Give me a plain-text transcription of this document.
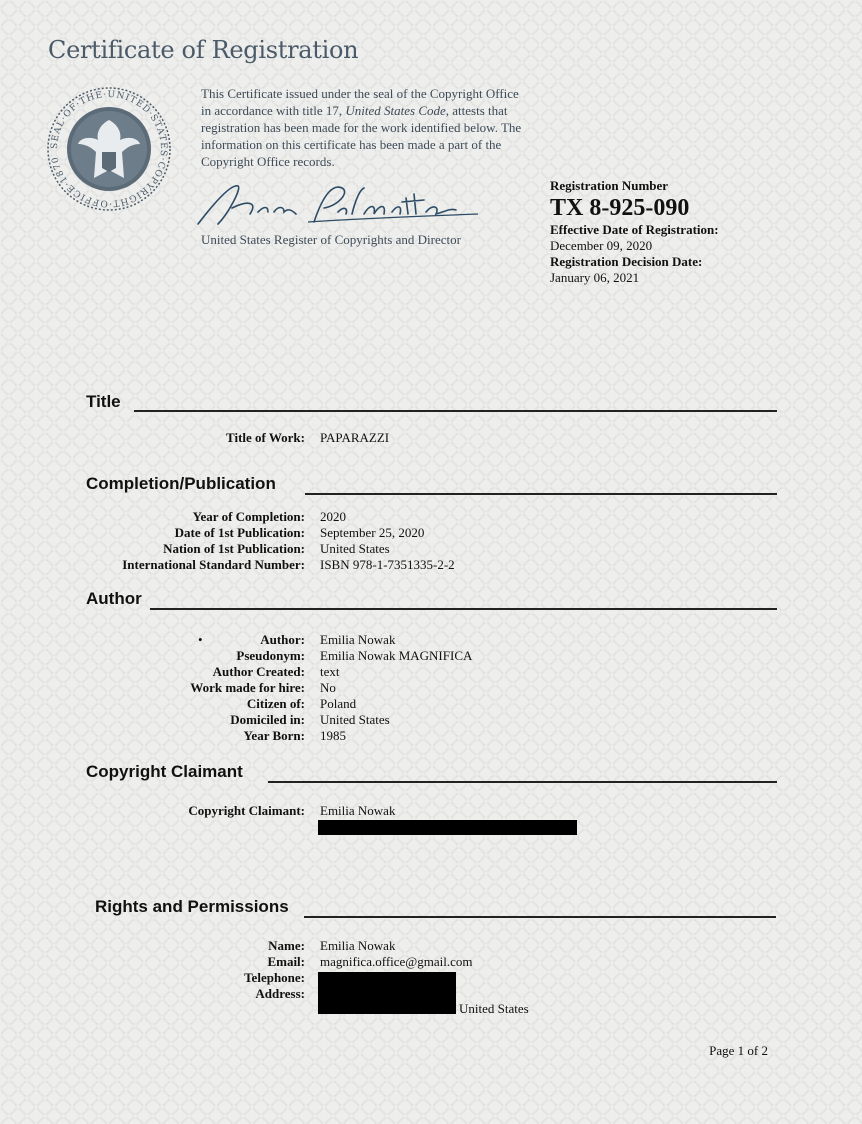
Certificate of Registration
SEAL·OF·THE·UNITED·STATES·COPYRIGHT·OFFICE·1870
This Certificate issued under the seal of the Copyright Office in accordance with title 17, United States Code, attests that registration has been made for the work identified below. The information on this certificate has been made a part of the Copyright Office records.
United States Register of Copyrights and Director
Registration Number
TX 8-925-090
Effective Date of Registration:
December 09, 2020
Registration Decision Date:
January 06, 2021
Title
Title of Work: PAPARAZZI
Completion/Publication
Year of Completion: 2020
Date of 1st Publication: September 25, 2020
Nation of 1st Publication: United States
International Standard Number: ISBN 978-1-7351335-2-2
Author
•	Author: Emilia Nowak
Pseudonym: Emilia Nowak MAGNIFICA
Author Created: text
Work made for hire: No
Citizen of: Poland
Domiciled in: United States
Year Born: 1985
Copyright Claimant
Copyright Claimant: Emilia Nowak
Rights and Permissions
Name: Emilia Nowak
Email: magnifica.office@gmail.com
Telephone:
Address:
United States
Page 1 of 2
